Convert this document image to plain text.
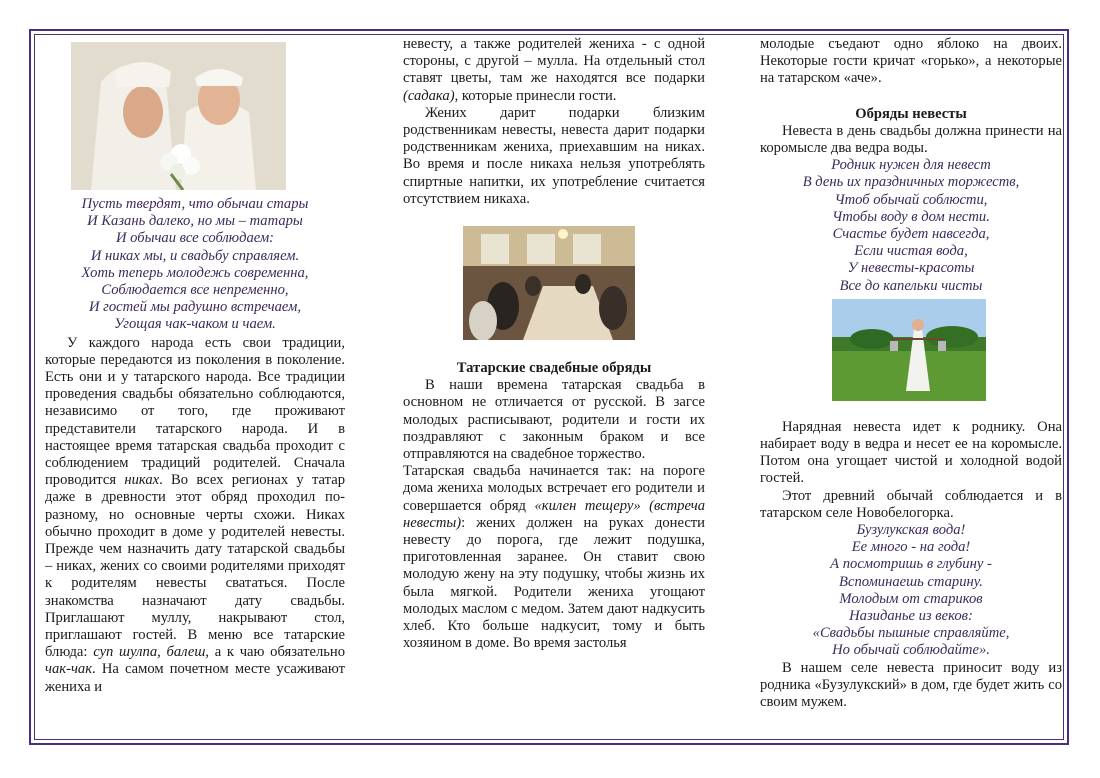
Пусть твердят, что обычаи стары
И Казань далеко, но мы – татары
И обычаи все соблюдаем:
И никах мы, и свадьбу справляем.
Хоть теперь молодежь современна,
Соблюдается все непременно,
И гостей мы радушно встречаем,
Угощая чак-чаком и чаем.

У каждого народа есть свои традиции, которые передаются из поколения в поколение. Есть они и у татарского народа. Все традиции проведения свадьбы обязательно соблюдаются, независимо от того, где проживают представители татарского народа. И в настоящее время татарская свадьба проходит с соблюдением традиций родителей. Сначала проводится никах. Во всех регионах у татар даже в древности этот обряд проходил по-разному, но основные черты схожи. Никах обычно проходит в доме у родителей невесты. Прежде чем назначить дату татарской свадьбы – никах, жених со своими родителями приходят к родителям невесты свататься. После знакомства назначают дату свадьбы. Приглашают муллу, накрывают стол, приглашают гостей. В меню все татарские блюда: суп шулпа, балеш, а к чаю обязательно чак-чак. На самом почетном месте усаживают жениха и

невесту, а также родителей жениха - с одной стороны, с другой – мулла. На отдельный стол ставят цветы, там же находятся все подарки (садака), которые принесли гости.

Жених дарит подарки близким родственникам невесты, невеста дарит подарки родственникам жениха, приехавшим на никах. Во время и после никаха нельзя употреблять спиртные напитки, их употребление считается отсутствием никаха.

Татарские свадебные обряды

В наши времена татарская свадьба в основном не отличается от русской. В загсе молодых расписывают, родители и гости их поздравляют с законным браком и все отправляются на свадебное торжество.

Татарская свадьба начинается так: на пороге дома жениха молодых встречает его родители и совершается обряд «килен тещеру» (встреча невесты): жених должен на руках донести невесту до порога, где лежит подушка, приготовленная заранее. Он ставит свою молодую жену на эту подушку, чтобы жизнь их была мягкой. Родители жениха угощают молодых маслом с медом. Затем дают надкусить хлеб. Кто больше надкусит, тому и быть хозяином в доме. Во время застолья

молодые съедают одно яблоко на двоих. Некоторые гости кричат «горько», а некоторые на татарском «аче».

Обряды невесты

Невеста в день свадьбы должна принести на коромысле два ведра воды.

Родник нужен для невест
В день их праздничных торжеств,
Чтоб обычай соблюсти,
Чтобы воду в дом нести.
Счастье будет навсегда,
Если чистая вода,
У невесты-красоты
Все до капельки чисты

Нарядная невеста идет к роднику. Она набирает воду в ведра и несет ее на коромысле. Потом она угощает чистой и холодной водой гостей.

Этот древний обычай соблюдается и в татарском селе Новобелогорка.

Бузулукская вода!
Ее много - на года!
А посмотришь в глубину -
Вспоминаешь старину.
Молодым от стариков
Назиданье из веков:
«Свадьбы пышные справляйте,
Но обычай соблюдайте».

В нашем селе невеста приносит воду из родника «Бузулукский» в дом, где будет жить со своим мужем.
